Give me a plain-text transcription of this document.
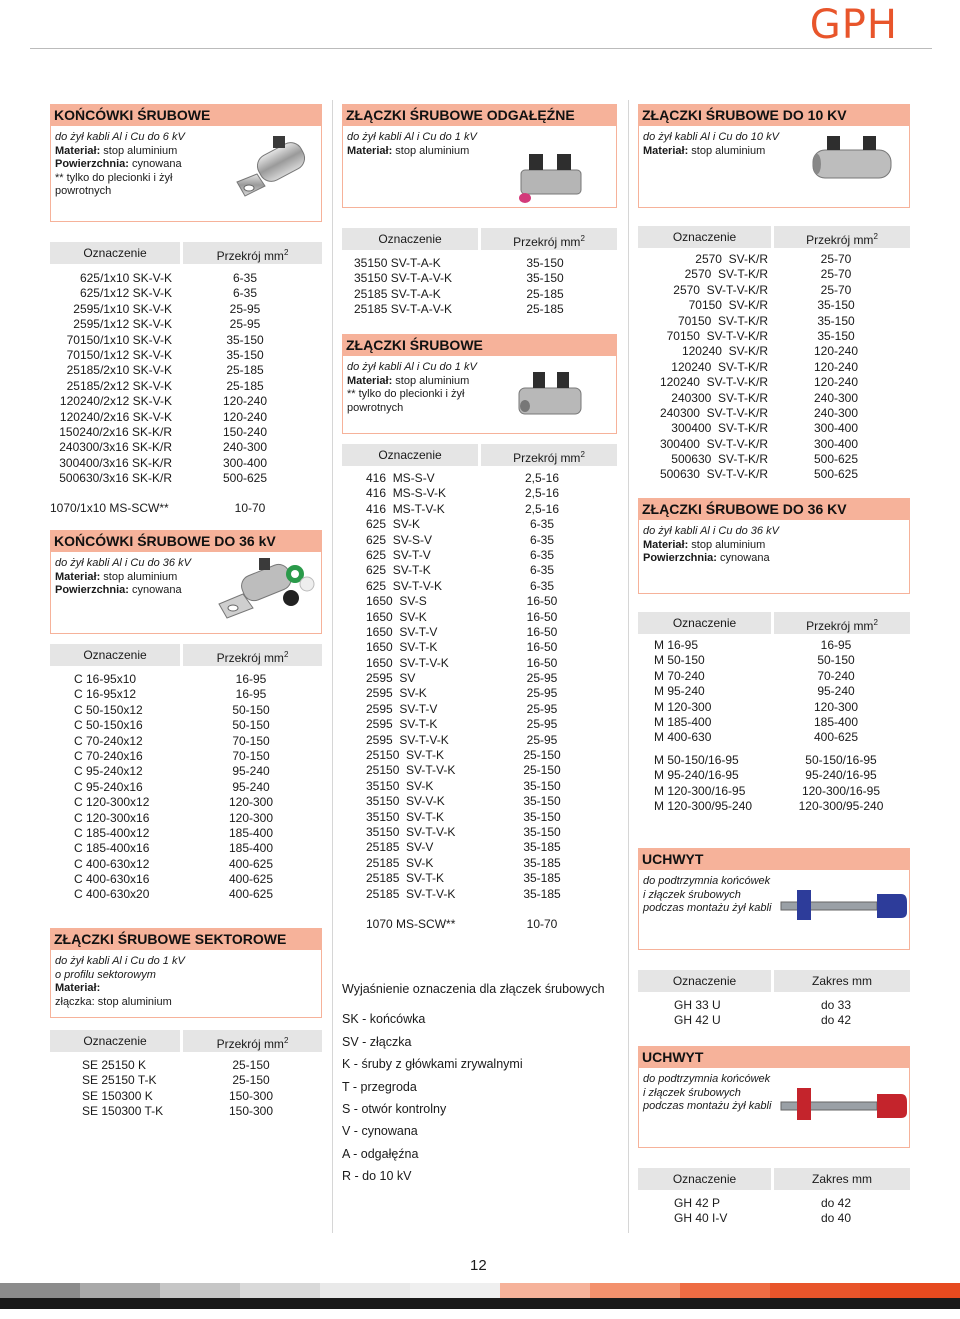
GPH
KOŃCÓWKI ŚRUBOWE
do żył kabli Al i Cu do 6 kV
Materiał: stop aluminium
Powierzchnia: cynowana
** tylko do plecionki i żył
powrotnych
Oznaczenie	Przekrój $mm^2$
625/1x10 SK-V-K	6-35
625/1x12 SK-V-K	6-35
2595/1x10 SK-V-K	25-95
2595/1x12 SK-V-K	25-95
70150/1x10 SK-V-K	35-150
70150/1x12 SK-V-K	35-150
25185/2x10 SK-V-K	25-185
25185/2x12 SK-V-K	25-185
120240/2x12 SK-V-K	120-240
120240/2x16 SK-V-K	120-240
150240/2x16 SK-K/R	150-240
240300/3x16 SK-K/R	240-300
300400/3x16 SK-K/R	300-400
500630/3x16 SK-K/R	500-625
1070/1x10 MS-SCW**	10-70
KOŃCÓWKI ŚRUBOWE DO 36 kV
do żył kabli Al i Cu do 36 kV
Materiał: stop aluminium
Powierzchnia: cynowana
Oznaczenie	Przekrój $mm^2$
C 16-95x10	16-95
C 16-95x12	16-95
C 50-150x12	50-150
C 50-150x16	50-150
C 70-240x12	70-150
C 70-240x16	70-150
C 95-240x12	95-240
C 95-240x16	95-240
C 120-300x12	120-300
C 120-300x16	120-300
C 185-400x12	185-400
C 185-400x16	185-400
C 400-630x12	400-625
C 400-630x16	400-625
C 400-630x20	400-625
ZŁĄCZKI ŚRUBOWE SEKTOROWE
do żył kabli Al i Cu do 1 kV
o profilu sektorowym
Materiał:
złączka: stop aluminium
Oznaczenie	Przekrój $mm^2$
SE 25150 K	25-150
SE 25150 T-K	25-150
SE 150300 K	150-300
SE 150300 T-K	150-300
ZŁĄCZKI ŚRUBOWE ODGAŁĘŹNE
do żył kabli Al i Cu do 1 kV
Materiał: stop aluminium
Oznaczenie	Przekrój $mm^2$
35150 SV-T-A-K	35-150
35150 SV-T-A-V-K	35-150
25185 SV-T-A-K	25-185
25185 SV-T-A-V-K	25-185
ZŁĄCZKI ŚRUBOWE
do żył kabli Al i Cu do 1 kV
Materiał: stop aluminium
** tylko do plecionki i żył
powrotnych
Oznaczenie	Przekrój $mm^2$
416  MS-S-V	2,5-16
416  MS-S-V-K	2,5-16
416  MS-T-V-K	2,5-16
625  SV-K	6-35
625  SV-S-V	6-35
625  SV-T-V	6-35
625  SV-T-K	6-35
625  SV-T-V-K	6-35
1650  SV-S	16-50
1650  SV-K	16-50
1650  SV-T-V	16-50
1650  SV-T-K	16-50
1650  SV-T-V-K	16-50
2595  SV	25-95
2595  SV-K	25-95
2595  SV-T-V	25-95
2595  SV-T-K	25-95
2595  SV-T-V-K	25-95
25150  SV-T-K	25-150
25150  SV-T-V-K	25-150
35150  SV-K	35-150
35150  SV-V-K	35-150
35150  SV-T-K	35-150
35150  SV-T-V-K	35-150
25185  SV-V	35-185
25185  SV-K	35-185
25185  SV-T-K	35-185
25185  SV-T-V-K	35-185
1070 MS-SCW**	10-70
Wyjaśnienie oznaczenia dla złączek śrubowych
SK - końcówka
SV - złączka
K - śruby z główkami zrywalnymi
T - przegroda
S - otwór kontrolny
V - cynowana
A - odgałęźna
R - do 10 kV
ZŁĄCZKI ŚRUBOWE DO 10 KV
do żył kabli Al i Cu do 10 kV
Materiał: stop aluminium
Oznaczenie	Przekrój $mm^2$
2570  SV-K/R	25-70
2570  SV-T-K/R	25-70
2570  SV-T-V-K/R	25-70
70150  SV-K/R	35-150
70150  SV-T-K/R	35-150
70150  SV-T-V-K/R	35-150
120240  SV-K/R	120-240
120240  SV-T-K/R	120-240
120240  SV-T-V-K/R	120-240
240300  SV-T-K/R	240-300
240300  SV-T-V-K/R	240-300
300400  SV-T-K/R	300-400
300400  SV-T-V-K/R	300-400
500630  SV-T-K/R	500-625
500630  SV-T-V-K/R	500-625
ZŁĄCZKI ŚRUBOWE DO 36 KV
do żył kabli Al i Cu do 36 kV
Materiał: stop aluminium
Powierzchnia: cynowana
Oznaczenie	Przekrój $mm^2$
M 16-95	16-95
M 50-150	50-150
M 70-240	70-240
M 95-240	95-240
M 120-300	120-300
M 185-400	185-400
M 400-630	400-625
M 50-150/16-95	50-150/16-95
M 95-240/16-95	95-240/16-95
M 120-300/16-95	120-300/16-95
M 120-300/95-240	120-300/95-240
UCHWYT
do podtrzymnia końcówek
i złączek śrubowych
podczas montażu żył kabli
Oznaczenie	Zakres mm
GH 33 U	do 33
GH 42 U	do 42
UCHWYT
do podtrzymnia końcówek
i złączek śrubowych
podczas montażu żył kabli
Oznaczenie	Zakres mm
GH 42 P	do 42
GH 40 I-V	do 40
12
